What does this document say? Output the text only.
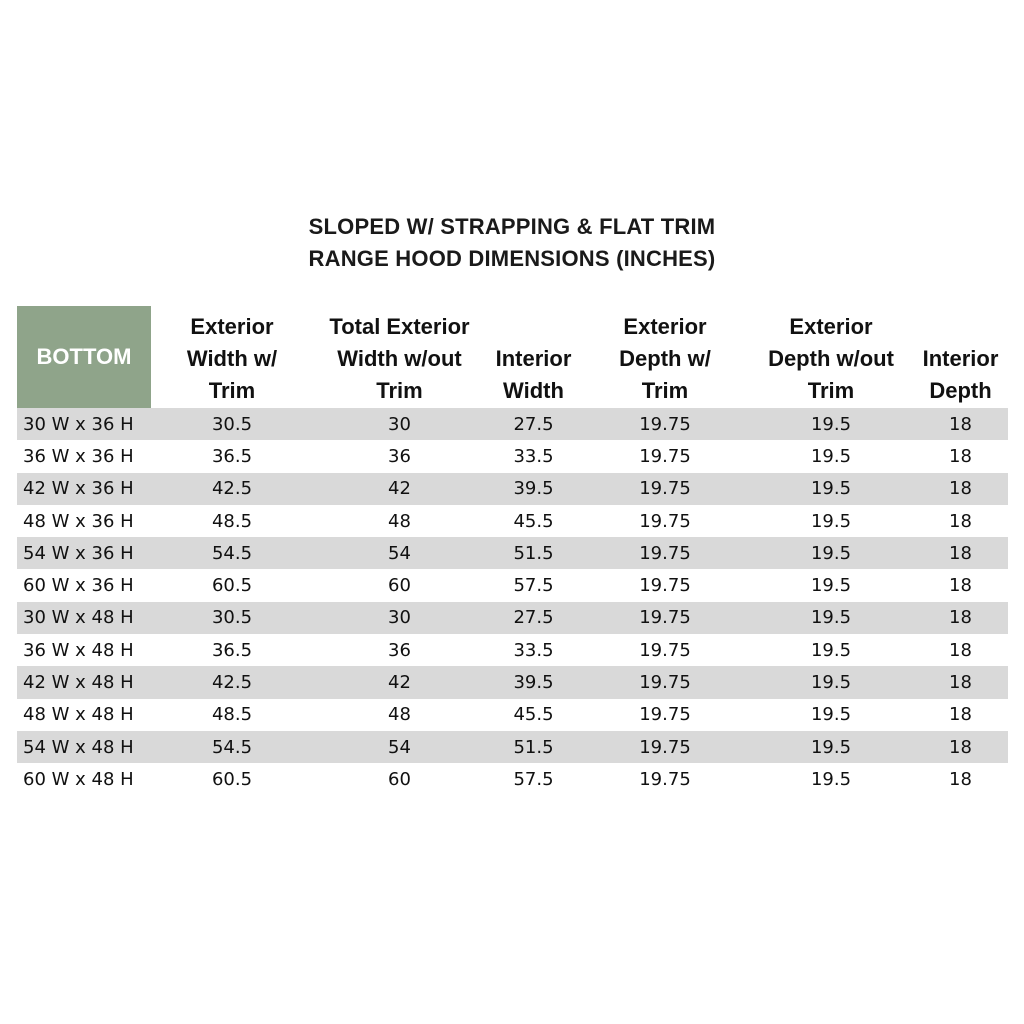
SLOPED W/ STRAPPING & FLAT TRIM
RANGE HOOD DIMENSIONS (INCHES)
BOTTOM	Exterior
Width w/
Trim	Total Exterior
Width w/out
Trim	Interior
Width	Exterior
Depth w/
Trim	Exterior
Depth w/out
Trim	Interior
Depth
30 W x 36 H	30.5	30	27.5	19.75	19.5	18
36 W x 36 H	36.5	36	33.5	19.75	19.5	18
42 W x 36 H	42.5	42	39.5	19.75	19.5	18
48 W x 36 H	48.5	48	45.5	19.75	19.5	18
54 W x 36 H	54.5	54	51.5	19.75	19.5	18
60 W x 36 H	60.5	60	57.5	19.75	19.5	18
30 W x 48 H	30.5	30	27.5	19.75	19.5	18
36 W x 48 H	36.5	36	33.5	19.75	19.5	18
42 W x 48 H	42.5	42	39.5	19.75	19.5	18
48 W x 48 H	48.5	48	45.5	19.75	19.5	18
54 W x 48 H	54.5	54	51.5	19.75	19.5	18
60 W x 48 H	60.5	60	57.5	19.75	19.5	18
